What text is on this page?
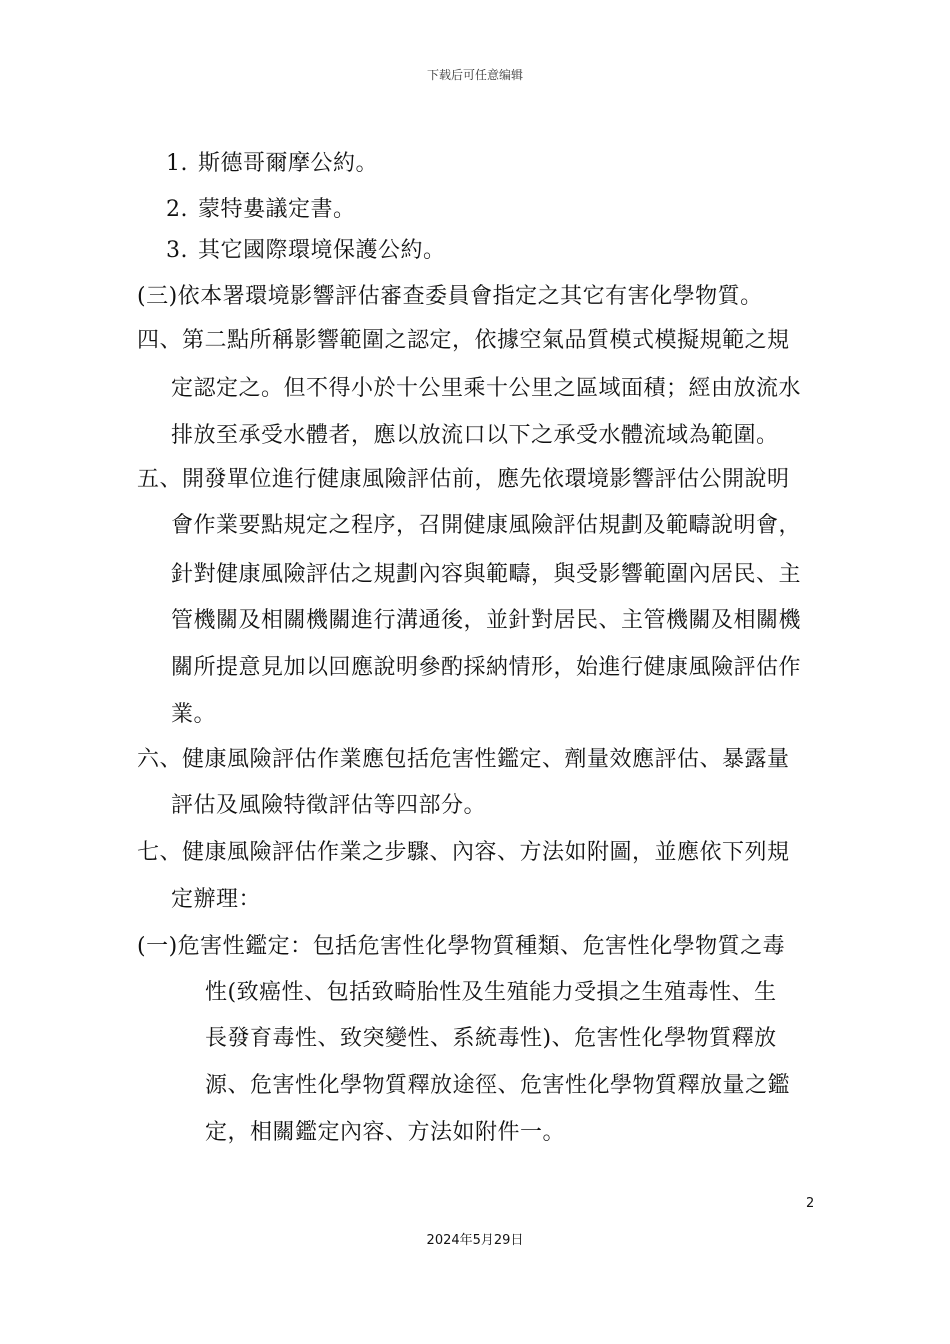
下载后可任意编辑
1. 斯德哥爾摩公約。
2. 蒙特婁議定書。
3. 其它國際環境保護公約。
(三)依本署環境影響評估審查委員會指定之其它有害化學物質。
四、第二點所稱影響範圍之認定，依據空氣品質模式模擬規範之規
定認定之。但不得小於十公里乘十公里之區域面積；經由放流水
排放至承受水體者，應以放流口以下之承受水體流域為範圍。
五、開發單位進行健康風險評估前，應先依環境影響評估公開說明
會作業要點規定之程序，召開健康風險評估規劃及範疇說明會，
針對健康風險評估之規劃內容與範疇，與受影響範圍內居民、主
管機關及相關機關進行溝通後，並針對居民、主管機關及相關機
關所提意見加以回應說明參酌採納情形，始進行健康風險評估作
業。
六、健康風險評估作業應包括危害性鑑定、劑量效應評估、暴露量
評估及風險特徵評估等四部分。
七、健康風險評估作業之步驟、內容、方法如附圖，並應依下列規
定辦理：
(一)危害性鑑定：包括危害性化學物質種類、危害性化學物質之毒
性(致癌性、包括致畸胎性及生殖能力受損之生殖毒性、生
長發育毒性、致突變性、系統毒性)、危害性化學物質釋放
源、危害性化學物質釋放途徑、危害性化學物質釋放量之鑑
定，相關鑑定內容、方法如附件一。
2
2024年5月29日
